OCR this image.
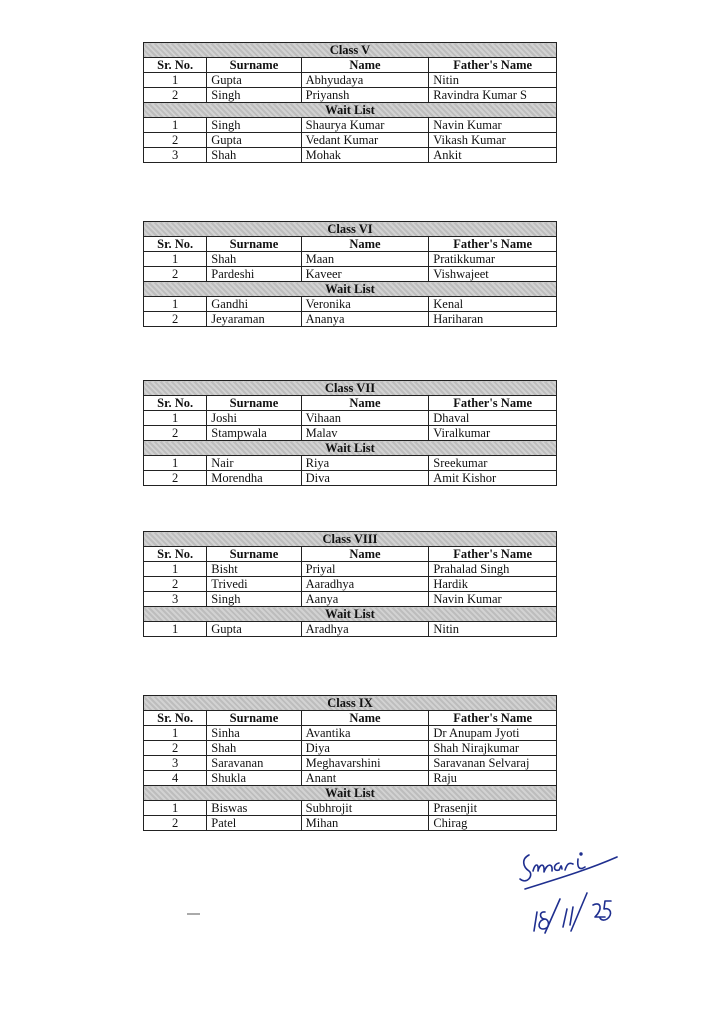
Class V			
Sr. No.	Surname	Name	Father's Name
1	Gupta	Abhyudaya	Nitin
2	Singh	Priyansh	Ravindra Kumar S
Wait List			
1	Singh	Shaurya Kumar	Navin Kumar
2	Gupta	Vedant Kumar	Vikash Kumar
3	Shah	Mohak	Ankit
Class VI			
Sr. No.	Surname	Name	Father's Name
1	Shah	Maan	Pratikkumar
2	Pardeshi	Kaveer	Vishwajeet
Wait List			
1	Gandhi	Veronika	Kenal
2	Jeyaraman	Ananya	Hariharan
Class VII			
Sr. No.	Surname	Name	Father's Name
1	Joshi	Vihaan	Dhaval
2	Stampwala	Malav	Viralkumar
Wait List			
1	Nair	Riya	Sreekumar
2	Morendha	Diva	Amit Kishor
Class VIII			
Sr. No.	Surname	Name	Father's Name
1	Bisht	Priyal	Prahalad Singh
2	Trivedi	Aaradhya	Hardik
3	Singh	Aanya	Navin Kumar
Wait List			
1	Gupta	Aradhya	Nitin
Class IX			
Sr. No.	Surname	Name	Father's Name
1	Sinha	Avantika	Dr Anupam Jyoti
2	Shah	Diya	Shah Nirajkumar
3	Saravanan	Meghavarshini	Saravanan Selvaraj
4	Shukla	Anant	Raju
Wait List			
1	Biswas	Subhrojit	Prasenjit
2	Patel	Mihan	Chirag
